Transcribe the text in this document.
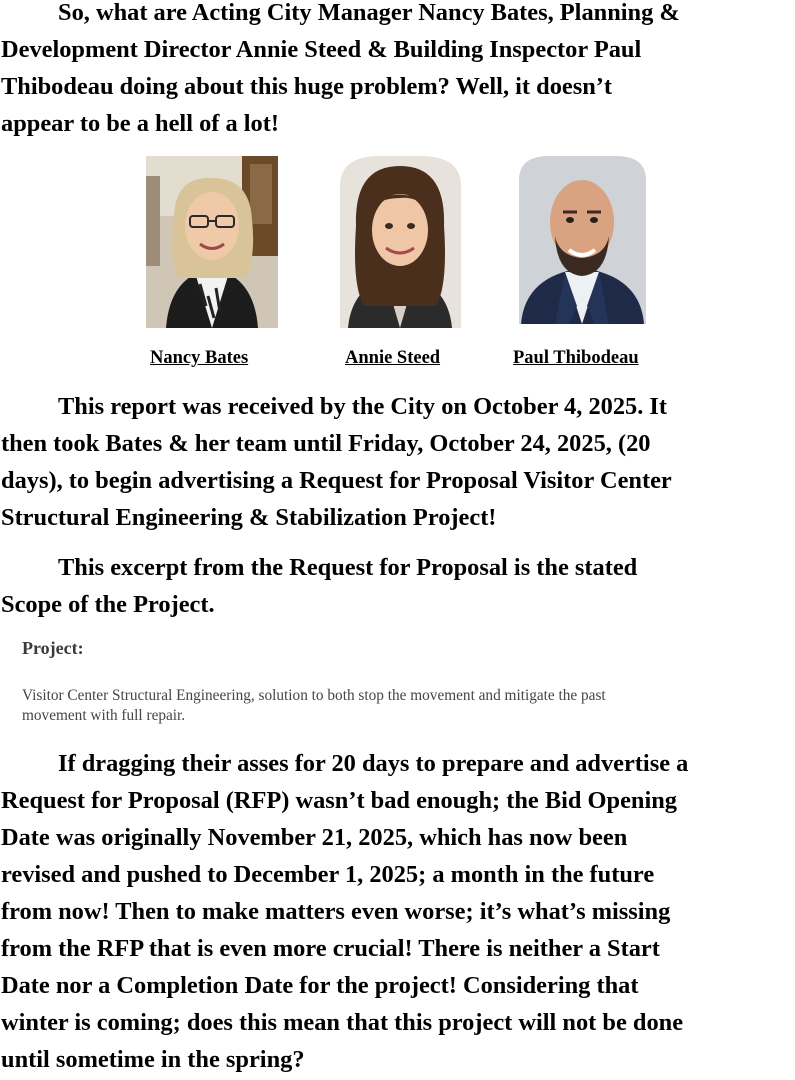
So, what are Acting City Manager Nancy Bates, Planning &
Development Director Annie Steed & Building Inspector Paul
Thibodeau doing about this huge problem? Well, it doesn’t
appear to be a hell of a lot!
Nancy Bates	Annie Steed	Paul Thibodeau
This report was received by the City on October 4, 2025. It
then took Bates & her team until Friday, October 24, 2025, (20
days), to begin advertising a Request for Proposal Visitor Center
Structural Engineering & Stabilization Project!
This excerpt from the Request for Proposal is the stated
Scope of the Project.
Project:
Visitor Center Structural Engineering, solution to both stop the movement and mitigate the past
movement with full repair.
If dragging their asses for 20 days to prepare and advertise a
Request for Proposal (RFP) wasn’t bad enough; the Bid Opening
Date was originally November 21, 2025, which has now been
revised and pushed to December 1, 2025; a month in the future
from now! Then to make matters even worse; it’s what’s missing
from the RFP that is even more crucial! There is neither a Start
Date nor a Completion Date for the project! Considering that
winter is coming; does this mean that this project will not be done
until sometime in the spring?
